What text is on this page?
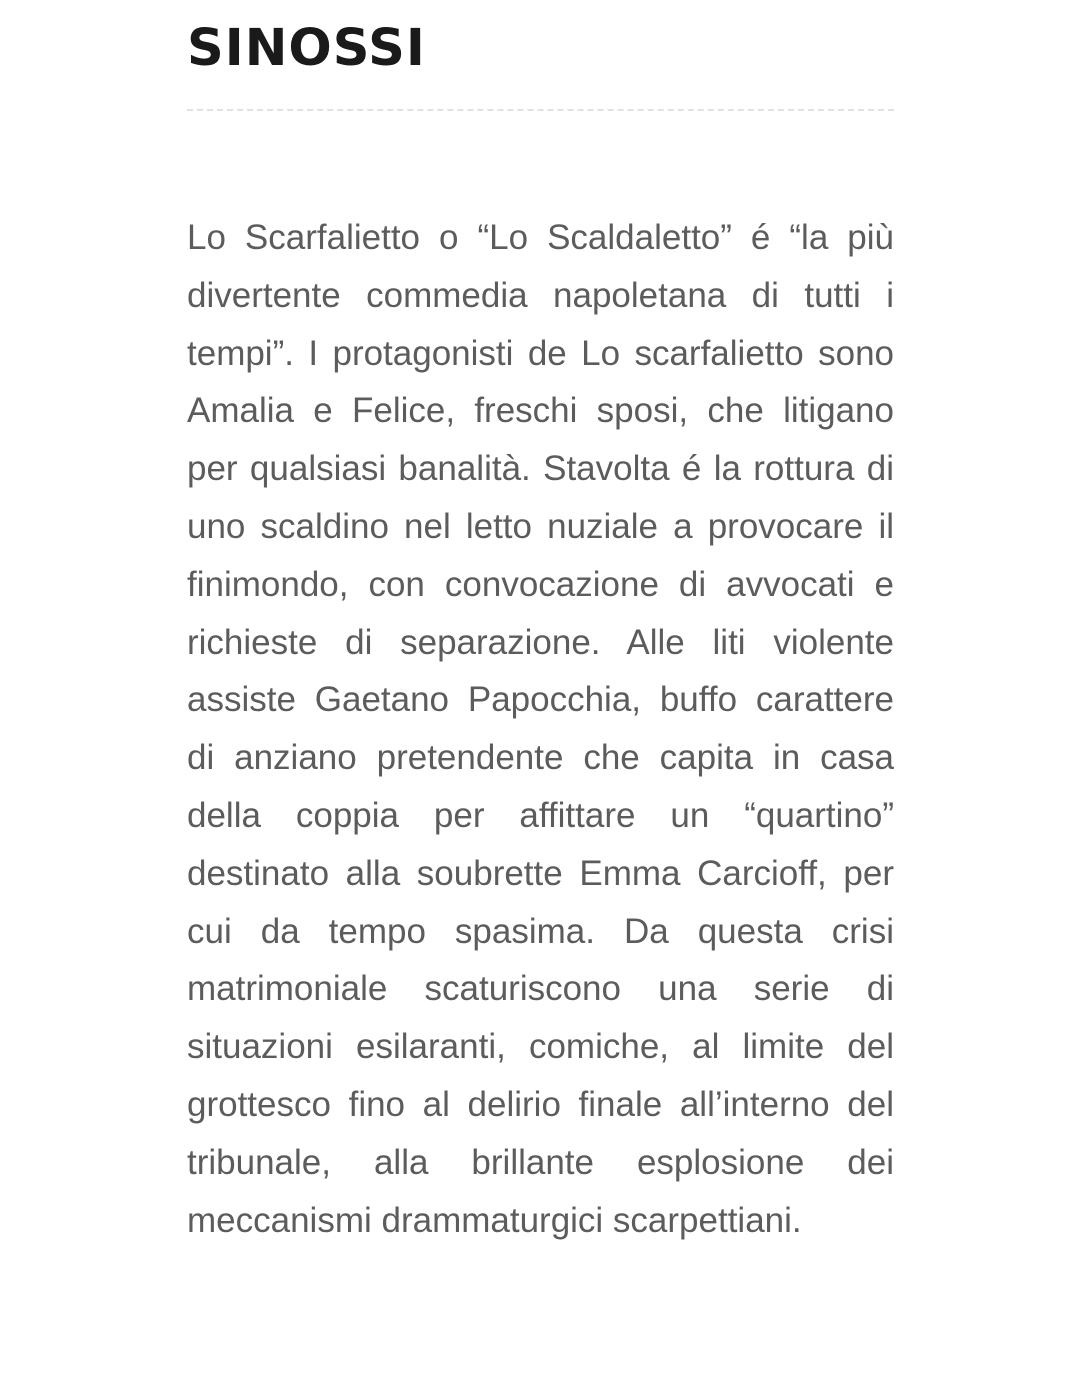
SINOSSI

Lo Scarfalietto o “Lo Scaldaletto” é “la più divertente commedia napoletana di tutti i tempi”. I protagonisti de Lo scarfalietto sono Amalia e Felice, freschi sposi, che litigano per qualsiasi banalità. Stavolta é la rottura di uno scaldino nel letto nuziale a provocare il finimondo, con convocazione di avvocati e richieste di separazione. Alle liti violente assiste Gaetano Papocchia, buffo carattere di anziano pretendente che capita in casa della coppia per affittare un “quartino” destinato alla soubrette Emma Carcioff, per cui da tempo spasima. Da questa crisi matrimoniale scaturiscono una serie di situazioni esilaranti, comiche, al limite del grottesco fino al delirio finale all’interno del tribunale, alla brillante esplosione dei meccanismi drammaturgici scarpettiani.
